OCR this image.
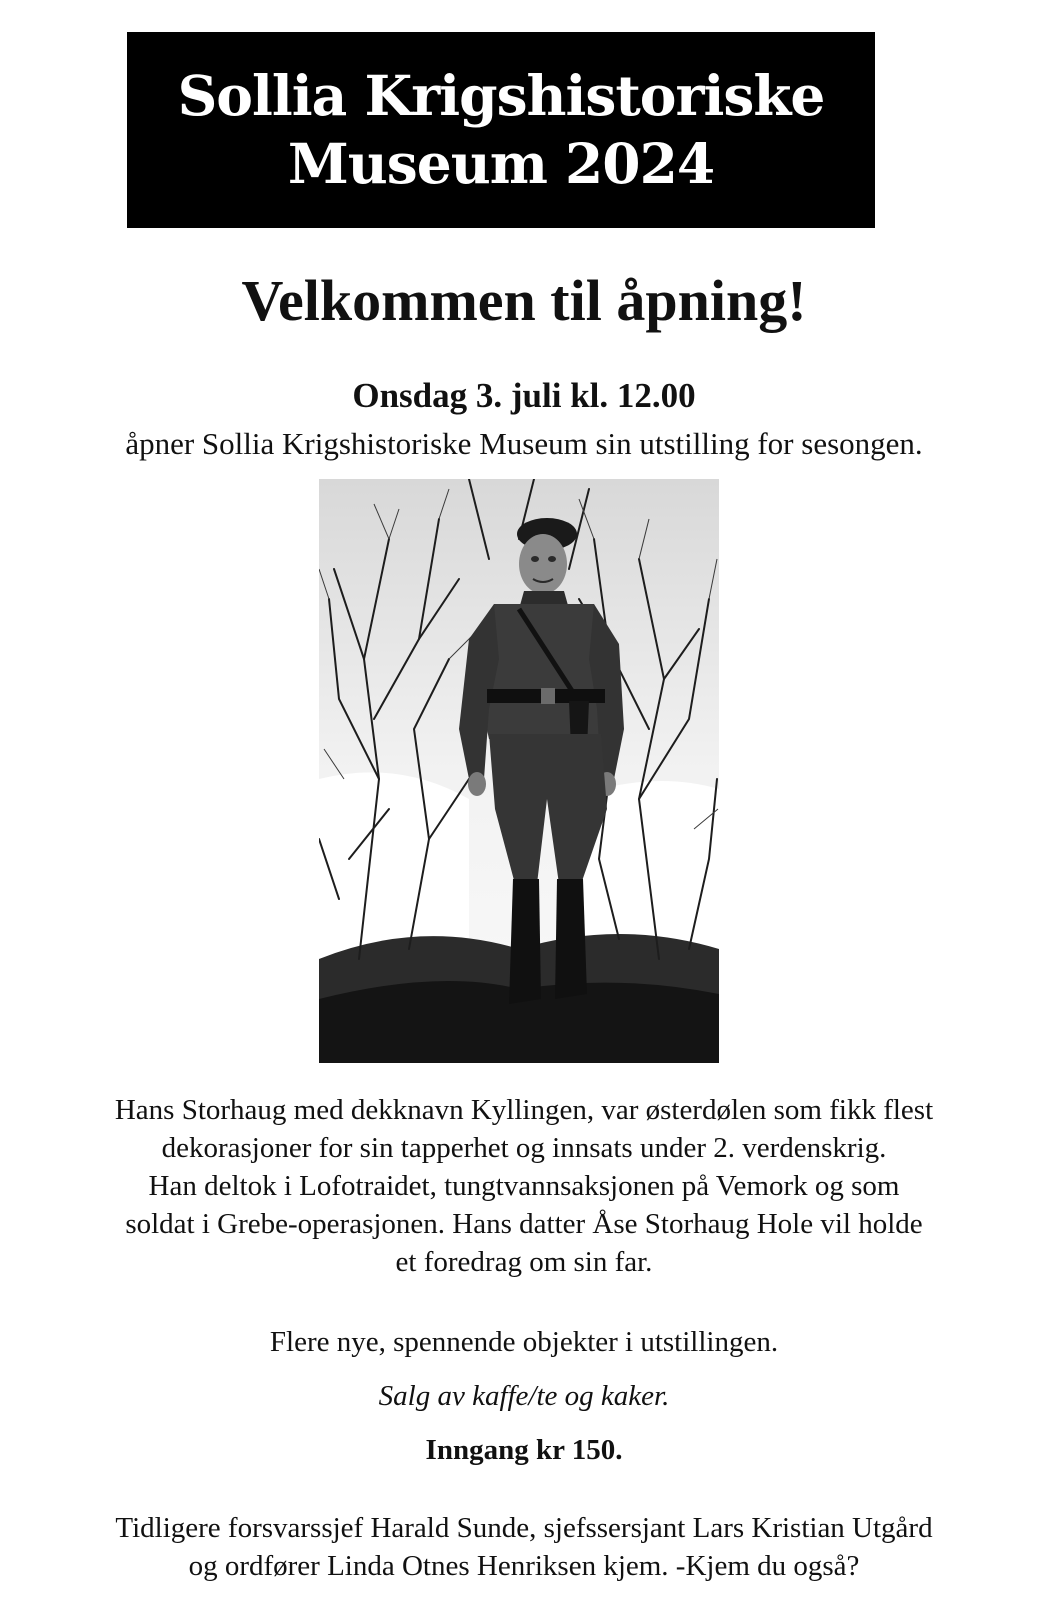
Sollia Krigshistoriske
Museum 2024
Velkommen til åpning!
Onsdag 3. juli kl. 12.00
åpner Sollia Krigshistoriske Museum sin utstilling for sesongen.
Hans Storhaug med dekknavn Kyllingen, var østerdølen som fikk flest
dekorasjoner for sin tapperhet og innsats under 2. verdenskrig.
Han deltok i Lofotraidet, tungtvannsaksjonen på Vemork og som
soldat i Grebe-operasjonen. Hans datter Åse Storhaug Hole vil holde
et foredrag om sin far.
Flere nye, spennende objekter i utstillingen.
Salg av kaffe/te og kaker.
Inngang kr 150.
Tidligere forsvarssjef Harald Sunde, sjefssersjant Lars Kristian Utgård
og ordfører Linda Otnes Henriksen kjem. -Kjem du også?
